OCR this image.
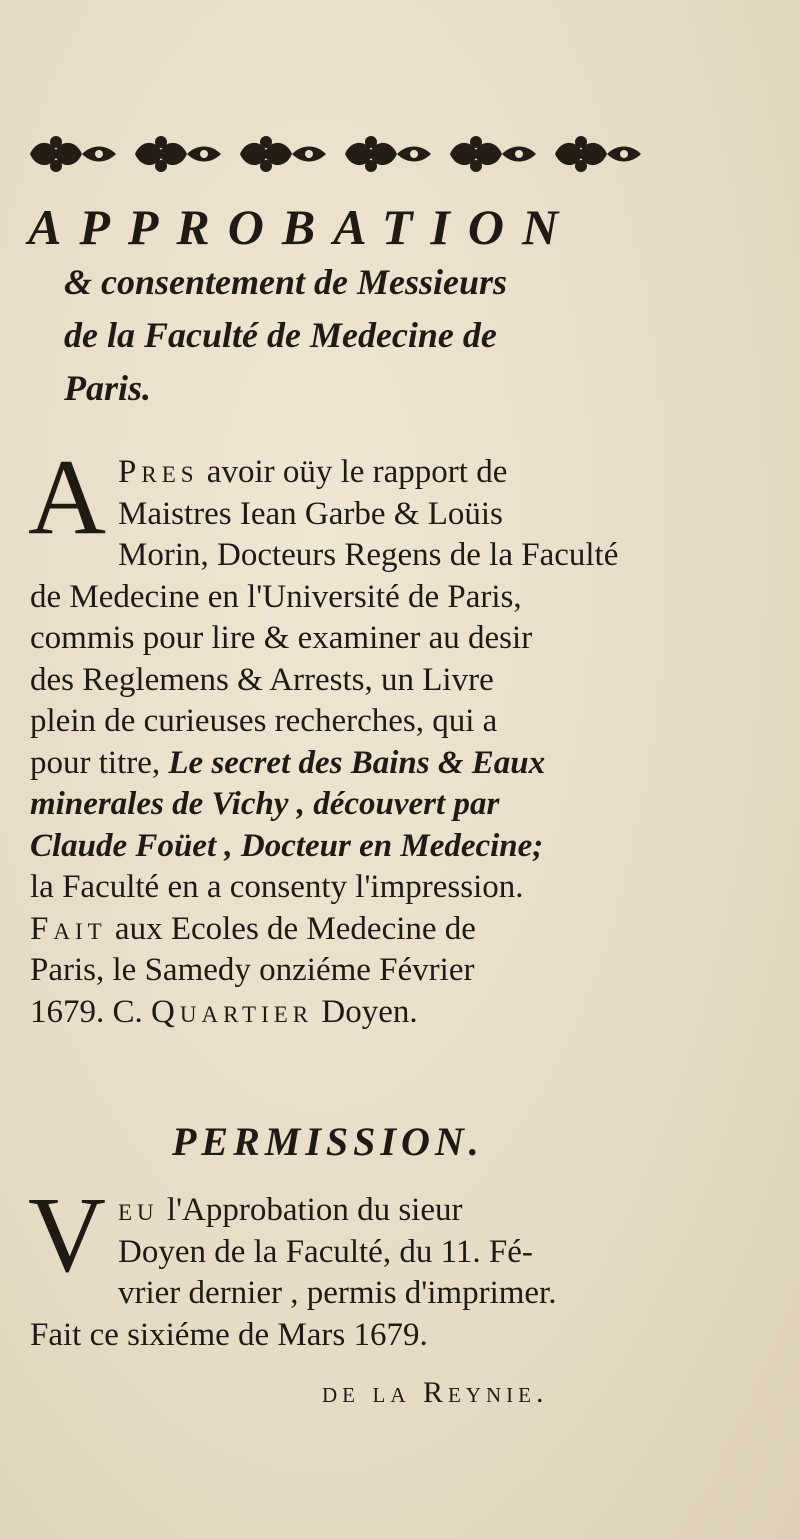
APPROBATION

& consentement de Messieurs

de la Faculté de Medecine de

Paris.

A Pres avoir oüy le rapport de
Maistres Iean Garbe & Loüis
Morin, Docteurs Regens de la Faculté
de Medecine en l'Université de Paris,
commis pour lire & examiner au desir
des Reglemens & Arrests, un Livre
plein de curieuses recherches, qui a
pour titre, Le secret des Bains & Eaux
minerales de Vichy , découvert par
Claude Foüet , Docteur en Medecine;
la Faculté en a consenty l'impression.
Fait aux Ecoles de Medecine de
Paris, le Samedy onziéme Février
1679. C. Quartier Doyen.

PERMISSION.

V eu l'Approbation du sieur
Doyen de la Faculté, du 11. Fé-
vrier dernier , permis d'imprimer.
Fait ce sixiéme de Mars 1679.

de la Reynie.
